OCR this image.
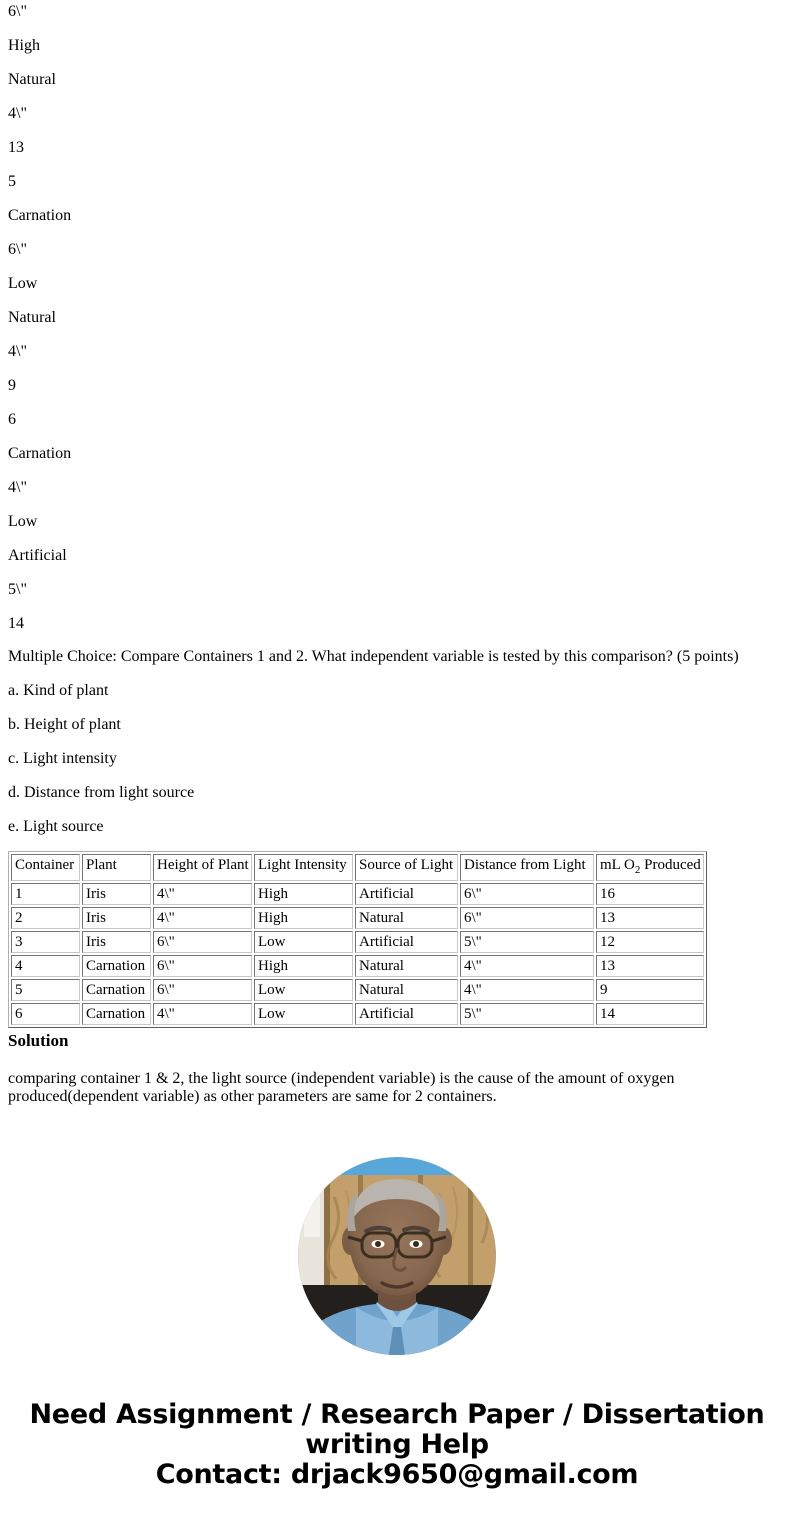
6\"
High
Natural
4\"
13
5
Carnation
6\"
Low
Natural
4\"
9
6
Carnation
4\"
Low
Artificial
5\"
14
Multiple Choice: Compare Containers 1 and 2. What independent variable is tested by this comparison? (5 points)
a. Kind of plant
b. Height of plant
c. Light intensity
d. Distance from light source
e. Light source
Container	Plant	Height of Plant	Light Intensity	Source of Light	Distance from Light	mL $O_2$ Produced
1	Iris	4\"	High	Artificial	6\"	16
2	Iris	4\"	High	Natural	6\"	13
3	Iris	6\"	Low	Artificial	5\"	12
4	Carnation	6\"	High	Natural	4\"	13
5	Carnation	6\"	Low	Natural	4\"	9
6	Carnation	4\"	Low	Artificial	5\"	14
Solution
comparing container 1 & 2, the light source (independent variable) is the cause of the amount of oxygen produced(dependent variable) as other parameters are same for 2 containers.
Need Assignment / Research Paper / Dissertation
writing Help
Contact: drjack9650@gmail.com
